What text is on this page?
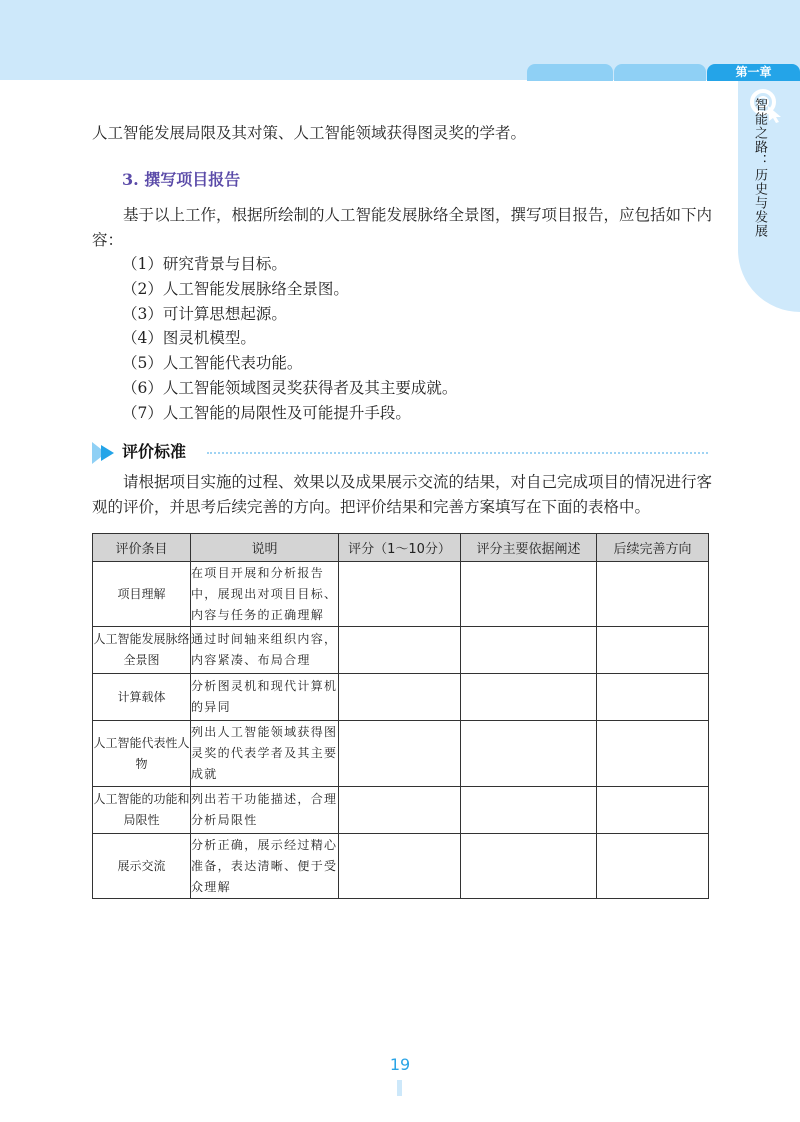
第一章
智能之路：历史与发展

人工智能发展局限及其对策、人工智能领域获得图灵奖的学者。

3. 撰写项目报告

基于以上工作，根据所绘制的人工智能发展脉络全景图，撰写项目报告，应包括如下内容：

（1）研究背景与目标。
（2）人工智能发展脉络全景图。
（3）可计算思想起源。
（4）图灵机模型。
（5）人工智能代表功能。
（6）人工智能领域图灵奖获得者及其主要成就。
（7）人工智能的局限性及可能提升手段。
评价标准

请根据项目实施的过程、效果以及成果展示交流的结果，对自己完成项目的情况进行客观的评价，并思考后续完善的方向。把评价结果和完善方案填写在下面的表格中。

评价条目	说明	评分（1～10分）	评分主要依据阐述	后续完善方向
项目理解	在项目开展和分析报告中，展现出对项目目标、内容与任务的正确理解			
人工智能发展脉络全景图	通过时间轴来组织内容，内容紧凑、布局合理			
计算载体	分析图灵机和现代计算机的异同			
人工智能代表性人物	列出人工智能领域获得图灵奖的代表学者及其主要成就			
人工智能的功能和局限性	列出若干功能描述，合理分析局限性			
展示交流	分析正确，展示经过精心准备，表达清晰、便于受众理解			
19
